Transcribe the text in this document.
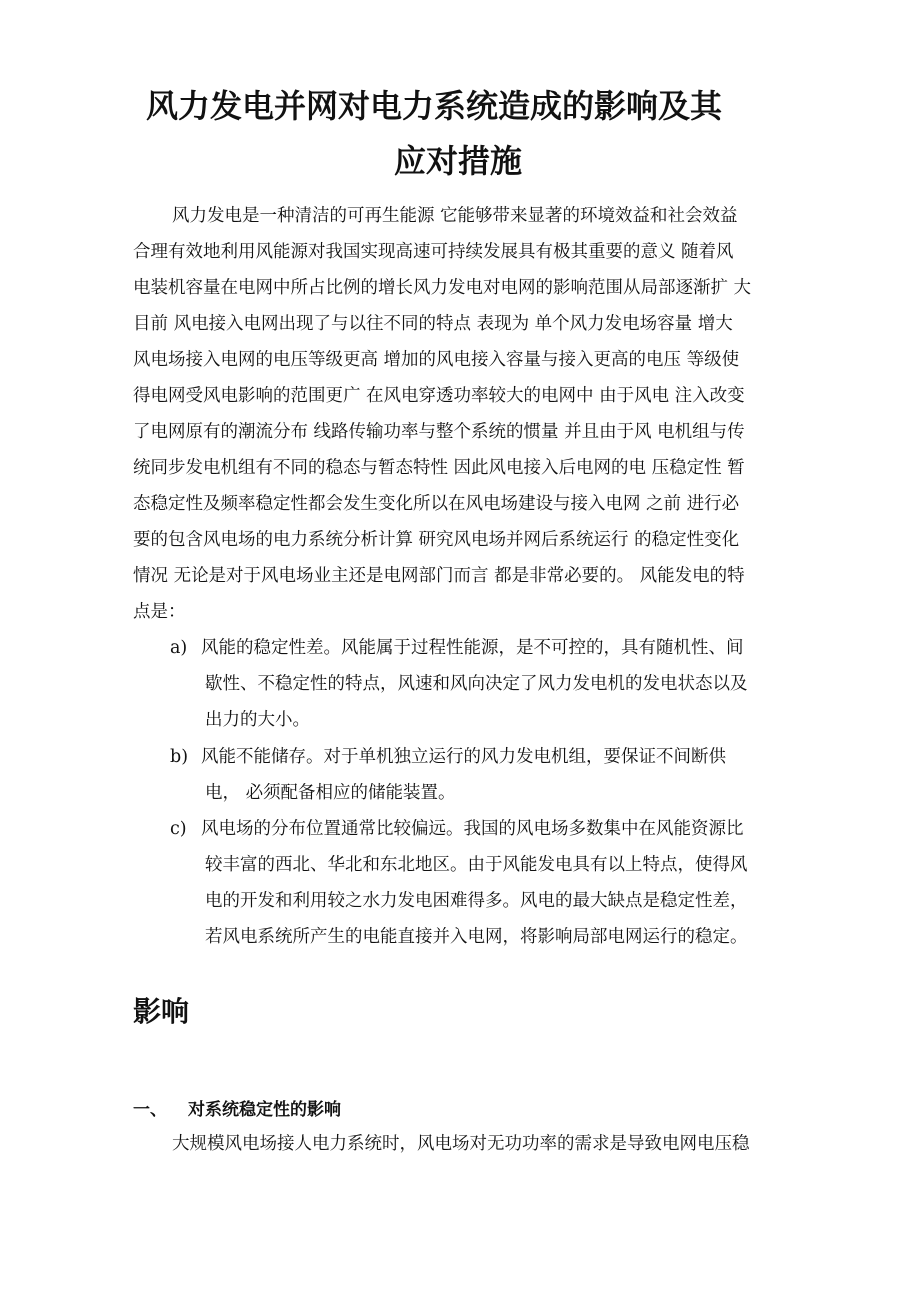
风力发电并网对电力系统造成的影响及其
应对措施

风力发电是一种清洁的可再生能源 它能够带来显著的环境效益和社会效益

合理有效地利用风能源对我国实现高速可持续发展具有极其重要的意义 随着风

电装机容量在电网中所占比例的增长风力发电对电网的影响范围从局部逐渐扩 大

目前 风电接入电网出现了与以往不同的特点 表现为 单个风力发电场容量 增大

风电场接入电网的电压等级更高 增加的风电接入容量与接入更高的电压 等级使

得电网受风电影响的范围更广 在风电穿透功率较大的电网中 由于风电 注入改变

了电网原有的潮流分布 线路传输功率与整个系统的惯量 并且由于风 电机组与传

统同步发电机组有不同的稳态与暂态特性 因此风电接入后电网的电 压稳定性 暂

态稳定性及频率稳定性都会发生变化所以在风电场建设与接入电网 之前 进行必

要的包含风电场的电力系统分析计算 研究风电场并网后系统运行 的稳定性变化

情况 无论是对于风电场业主还是电网部门而言 都是非常必要的。 风能发电的特

点是：

a) 风能的稳定性差。风能属于过程性能源，是不可控的，具有随机性、间
歇性、不稳定性的特点，风速和风向决定了风力发电机的发电状态以及
出力的大小。
b) 风能不能储存。对于单机独立运行的风力发电机组，要保证不间断供
电， 必须配备相应的储能装置。
c) 风电场的分布位置通常比较偏远。我国的风电场多数集中在风能资源比
较丰富的西北、华北和东北地区。由于风能发电具有以上特点，使得风
电的开发和利用较之水力发电困难得多。风电的最大缺点是稳定性差，
若风电系统所产生的电能直接并入电网，将影响局部电网运行的稳定。
影响
一、 对系统稳定性的影响

大规模风电场接人电力系统时，风电场对无功功率的需求是导致电网电压稳
